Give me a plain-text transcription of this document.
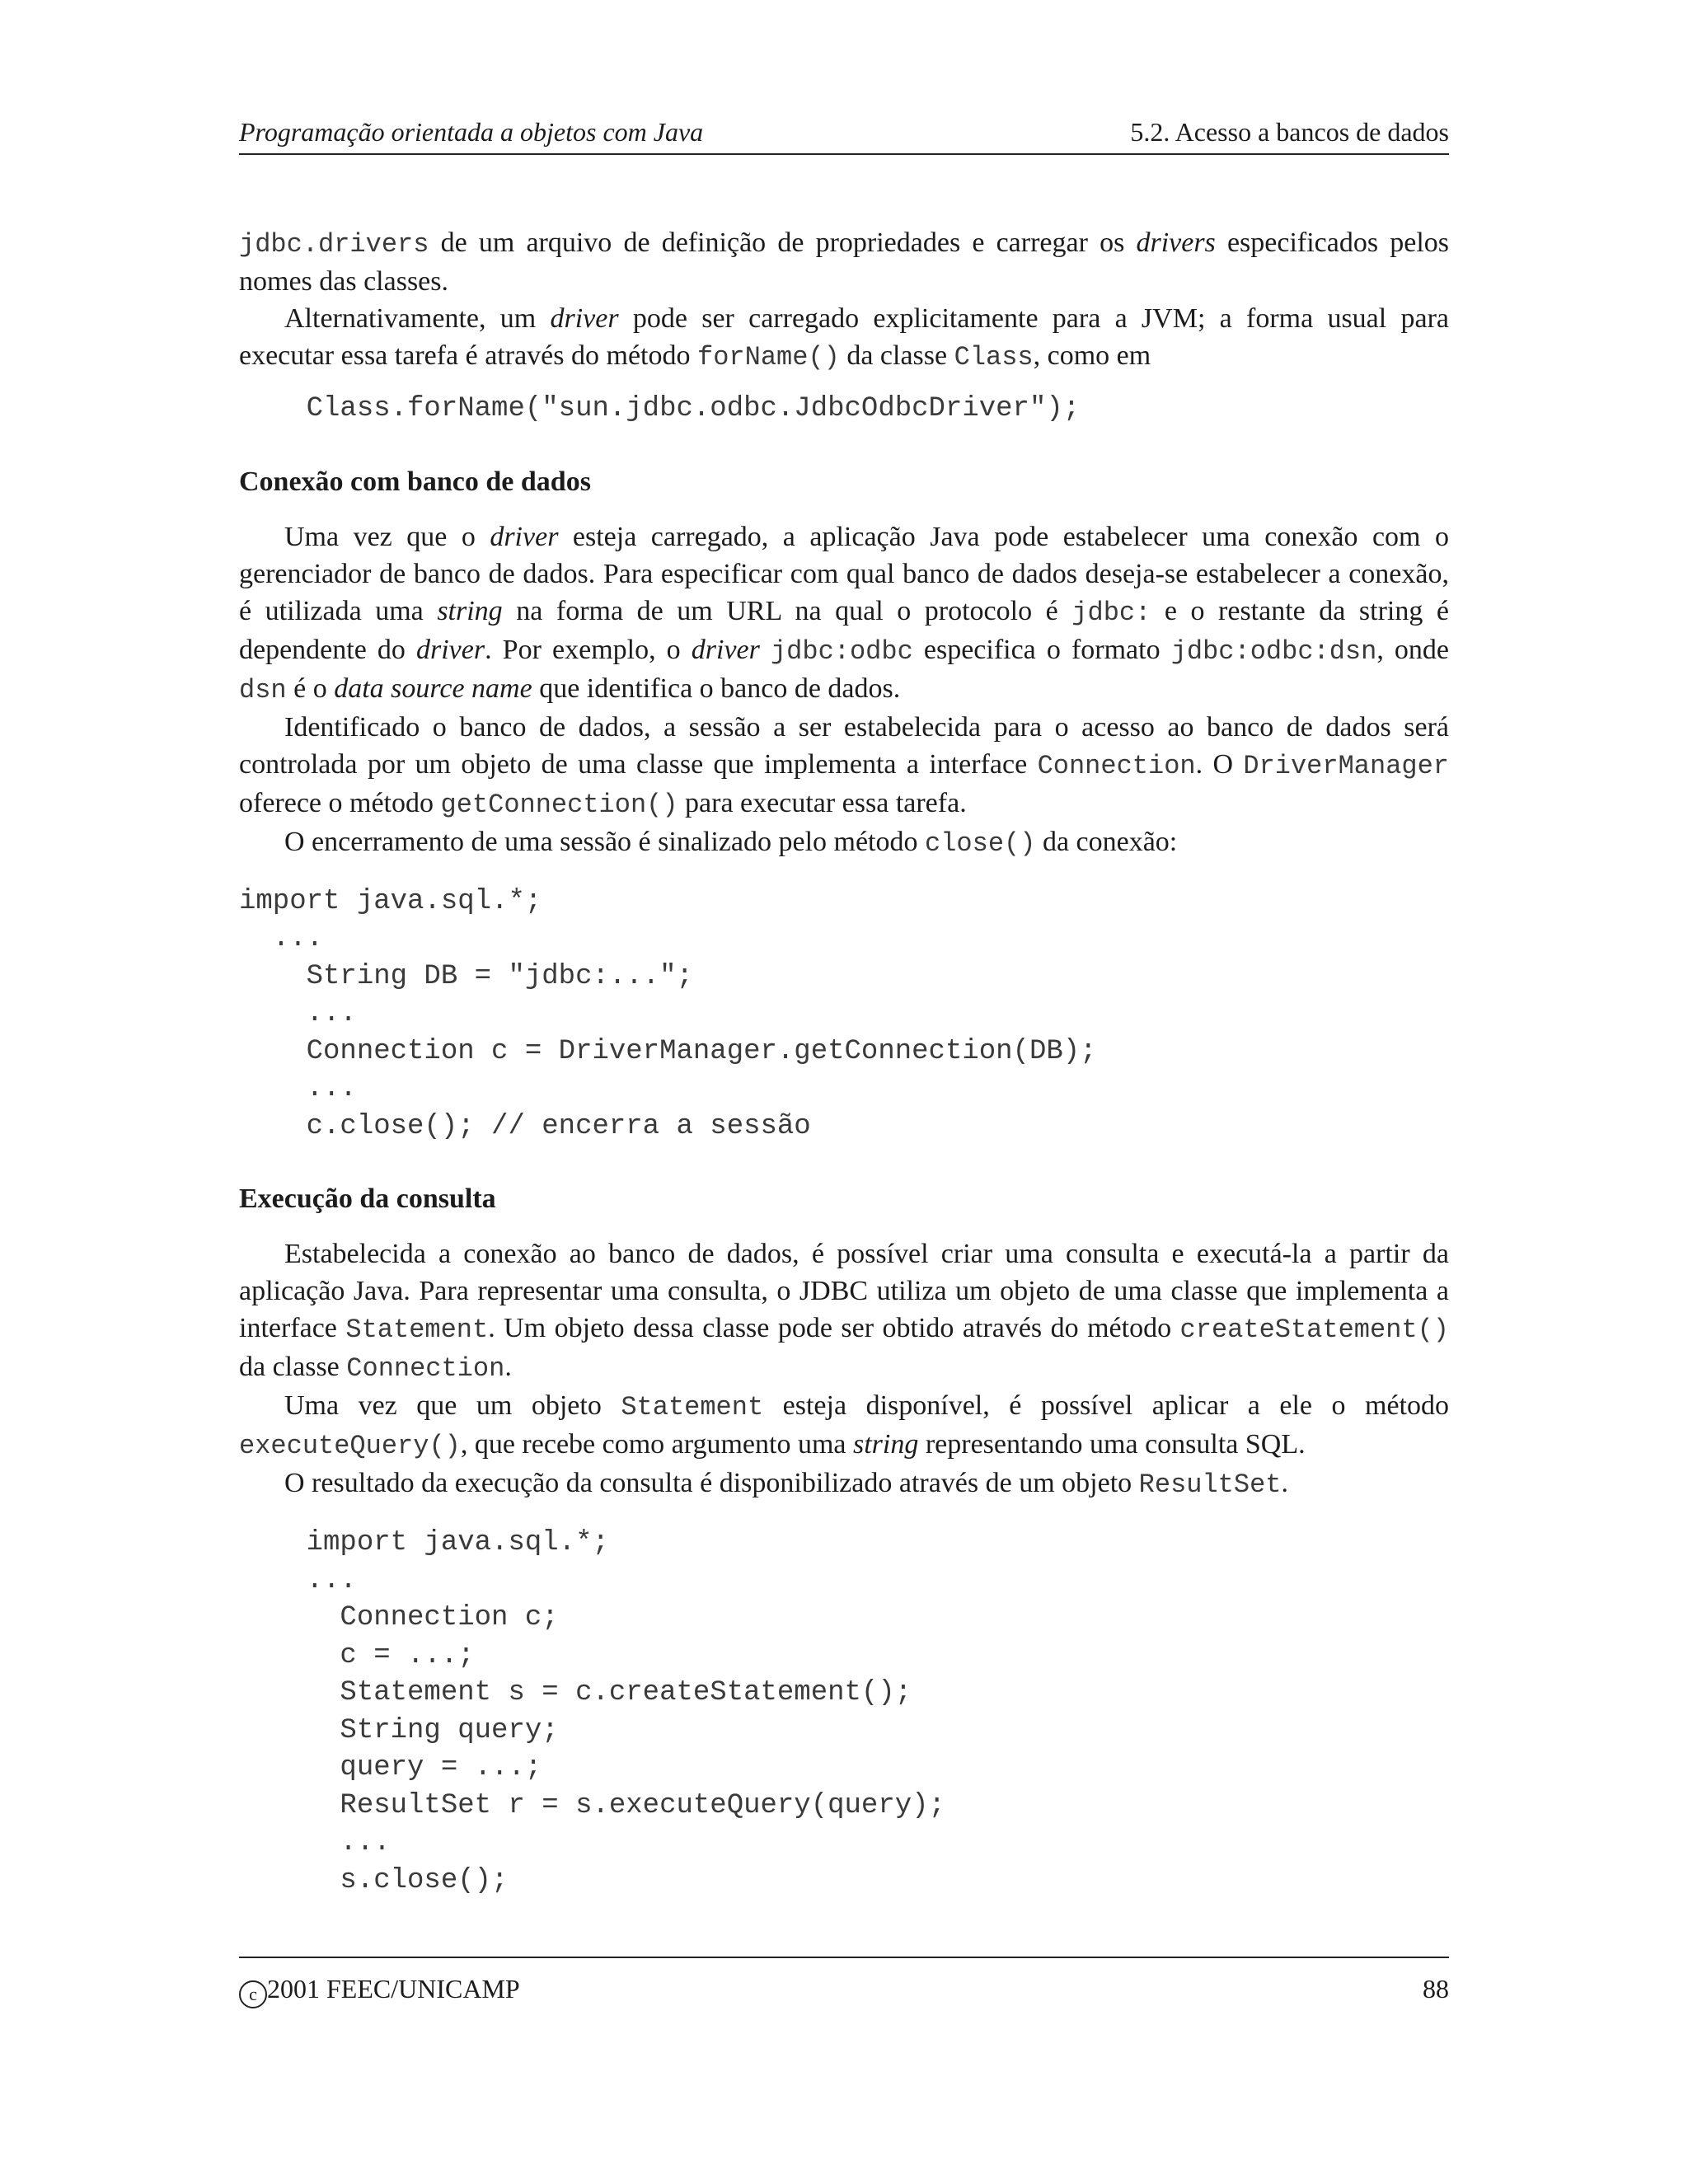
Programação orientada a objetos com Java	5.2. Acesso a bancos de dados

jdbc.drivers de um arquivo de definição de propriedades e carregar os drivers especificados pelos nomes das classes.

Alternativamente, um driver pode ser carregado explicitamente para a JVM; a forma usual para executar essa tarefa é através do método forName() da classe Class, como em

Class.forName("sun.jdbc.odbc.JdbcOdbcDriver");
Conexão com banco de dados

Uma vez que o driver esteja carregado, a aplicação Java pode estabelecer uma conexão com o gerenciador de banco de dados. Para especificar com qual banco de dados deseja-se estabelecer a conexão, é utilizada uma string na forma de um URL na qual o protocolo é jdbc: e o restante da string é dependente do driver. Por exemplo, o driver jdbc:odbc especifica o formato jdbc:odbc:dsn, onde dsn é o data source name que identifica o banco de dados.

Identificado o banco de dados, a sessão a ser estabelecida para o acesso ao banco de dados será controlada por um objeto de uma classe que implementa a interface Connection. O DriverManager oferece o método getConnection() para executar essa tarefa.

O encerramento de uma sessão é sinalizado pelo método close() da conexão:

import java.sql.*;
...
String DB = "jdbc:...";
...
Connection c = DriverManager.getConnection(DB);
...
c.close(); // encerra a sessão
Execução da consulta

Estabelecida a conexão ao banco de dados, é possível criar uma consulta e executá-la a partir da aplicação Java. Para representar uma consulta, o JDBC utiliza um objeto de uma classe que implementa a interface Statement. Um objeto dessa classe pode ser obtido através do método createStatement() da classe Connection.

Uma vez que um objeto Statement esteja disponível, é possível aplicar a ele o método executeQuery(), que recebe como argumento uma string representando uma consulta SQL.

O resultado da execução da consulta é disponibilizado através de um objeto ResultSet.

import java.sql.*;
...
Connection c;
c = ...;
Statement s = c.createStatement();
String query;
query = ...;
ResultSet r = s.executeQuery(query);
...
s.close();
c 2001 FEEC/UNICAMP	88
